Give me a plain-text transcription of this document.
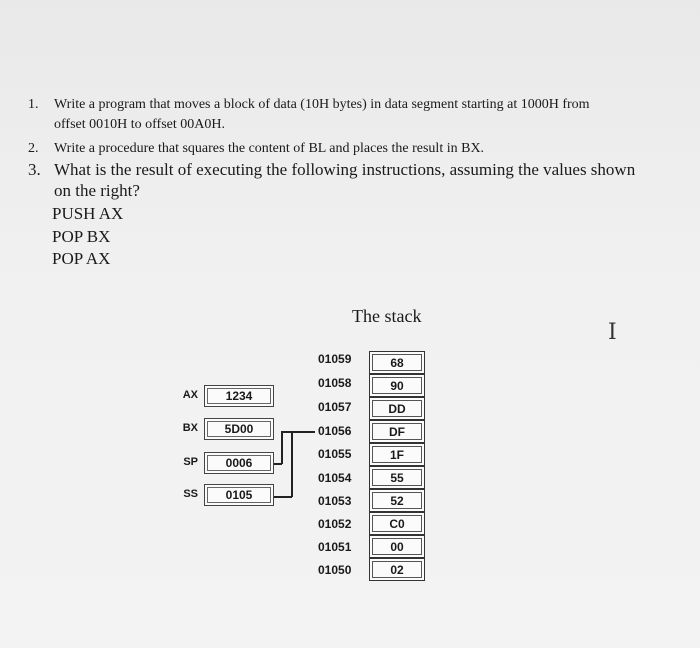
1. Write a program that moves a block of data (10H bytes) in data segment starting at 1000H from
offset 0010H to offset 00A0H.
2. Write a procedure that squares the content of BL and places the result in BX.
3. What is the result of executing the following instructions, assuming the values shown
on the right?
PUSH AX
POP BX
POP AX
The stack
I
AX	1234
BX	5D00
SP	0006
SS	0105
01059	68
01058	90
01057	DD
01056	DF
01055	1F
01054	55
01053	52
01052	C0
01051	00
01050	02
